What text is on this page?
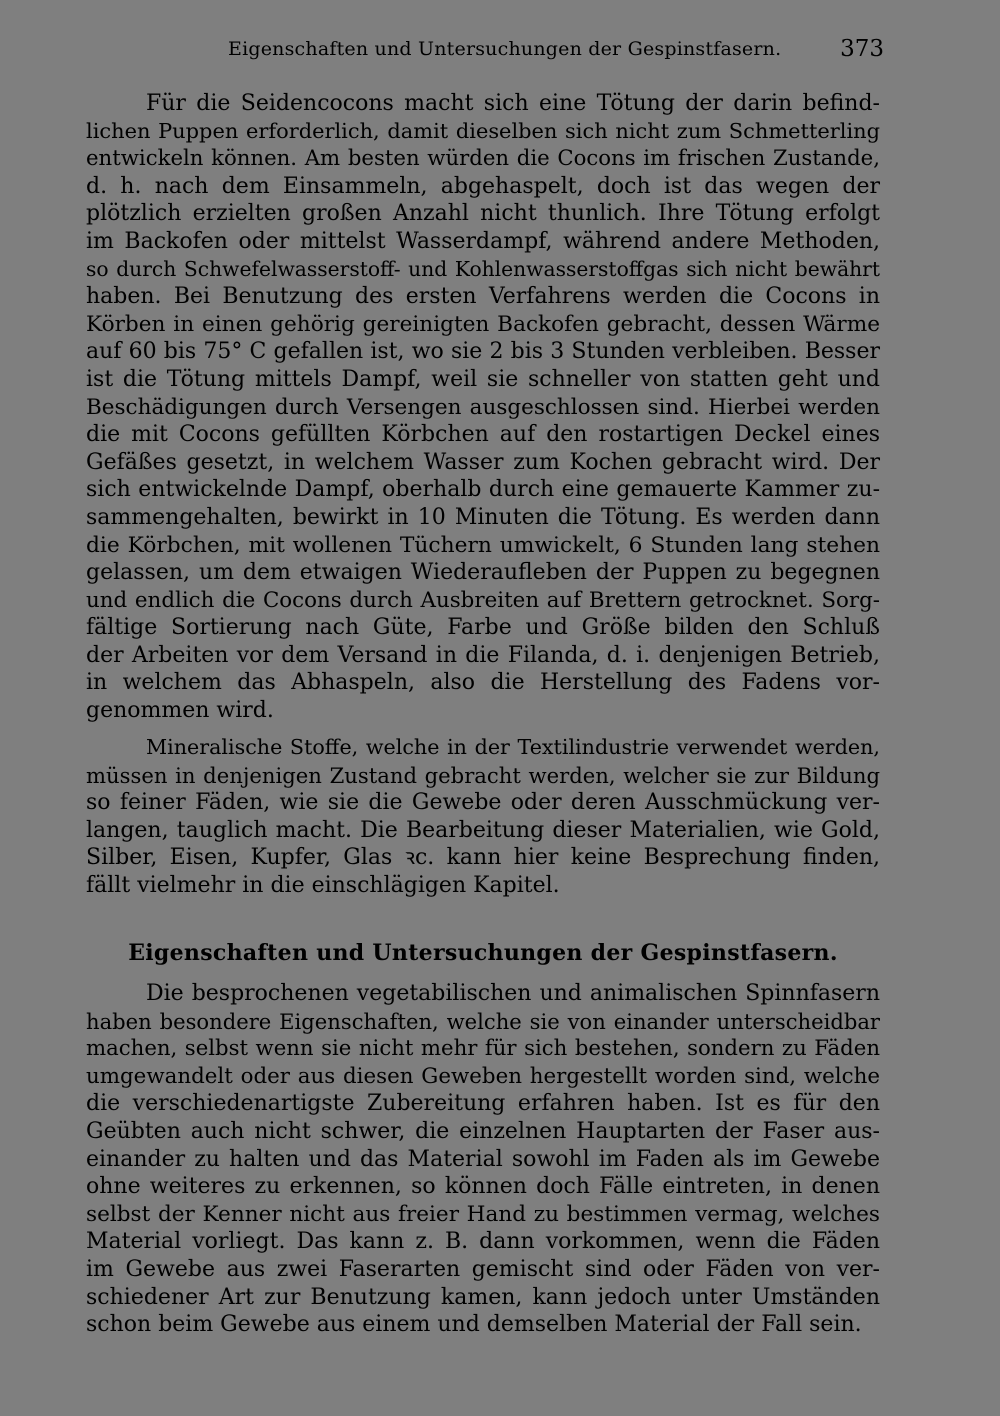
Eigenschaften und Untersuchungen der Gespinstfasern.	373
Für die Seidencocons macht sich eine Tötung der darin befind-
lichen Puppen erforderlich, damit dieselben sich nicht zum Schmetterling
entwickeln können. Am besten würden die Cocons im frischen Zustande,
d. h. nach dem Einsammeln, abgehaspelt, doch ist das wegen der
plötzlich erzielten großen Anzahl nicht thunlich. Ihre Tötung erfolgt
im Backofen oder mittelst Wasserdampf, während andere Methoden,
so durch Schwefelwasserstoff- und Kohlenwasserstoffgas sich nicht bewährt
haben. Bei Benutzung des ersten Verfahrens werden die Cocons in
Körben in einen gehörig gereinigten Backofen gebracht, dessen Wärme
auf 60 bis 75° C gefallen ist, wo sie 2 bis 3 Stunden verbleiben. Besser
ist die Tötung mittels Dampf, weil sie schneller von statten geht und
Beschädigungen durch Versengen ausgeschlossen sind. Hierbei werden
die mit Cocons gefüllten Körbchen auf den rostartigen Deckel eines
Gefäßes gesetzt, in welchem Wasser zum Kochen gebracht wird. Der
sich entwickelnde Dampf, oberhalb durch eine gemauerte Kammer zu-
sammengehalten, bewirkt in 10 Minuten die Tötung. Es werden dann
die Körbchen, mit wollenen Tüchern umwickelt, 6 Stunden lang stehen
gelassen, um dem etwaigen Wiederaufleben der Puppen zu begegnen
und endlich die Cocons durch Ausbreiten auf Brettern getrocknet. Sorg-
fältige Sortierung nach Güte, Farbe und Größe bilden den Schluß
der Arbeiten vor dem Versand in die Filanda, d. i. denjenigen Betrieb,
in welchem das Abhaspeln, also die Herstellung des Fadens vor-
genommen wird.
Mineralische Stoffe, welche in der Textilindustrie verwendet werden,
müssen in denjenigen Zustand gebracht werden, welcher sie zur Bildung
so feiner Fäden, wie sie die Gewebe oder deren Ausschmückung ver-
langen, tauglich macht. Die Bearbeitung dieser Materialien, wie Gold,
Silber, Eisen, Kupfer, Glas ꝛc. kann hier keine Besprechung finden,
fällt vielmehr in die einschlägigen Kapitel.
Eigenschaften und Untersuchungen der Gespinstfasern.
Die besprochenen vegetabilischen und animalischen Spinnfasern
haben besondere Eigenschaften, welche sie von einander unterscheidbar
machen, selbst wenn sie nicht mehr für sich bestehen, sondern zu Fäden
umgewandelt oder aus diesen Geweben hergestellt worden sind, welche
die verschiedenartigste Zubereitung erfahren haben. Ist es für den
Geübten auch nicht schwer, die einzelnen Hauptarten der Faser aus-
einander zu halten und das Material sowohl im Faden als im Gewebe
ohne weiteres zu erkennen, so können doch Fälle eintreten, in denen
selbst der Kenner nicht aus freier Hand zu bestimmen vermag, welches
Material vorliegt. Das kann z. B. dann vorkommen, wenn die Fäden
im Gewebe aus zwei Faserarten gemischt sind oder Fäden von ver-
schiedener Art zur Benutzung kamen, kann jedoch unter Umständen
schon beim Gewebe aus einem und demselben Material der Fall sein.
